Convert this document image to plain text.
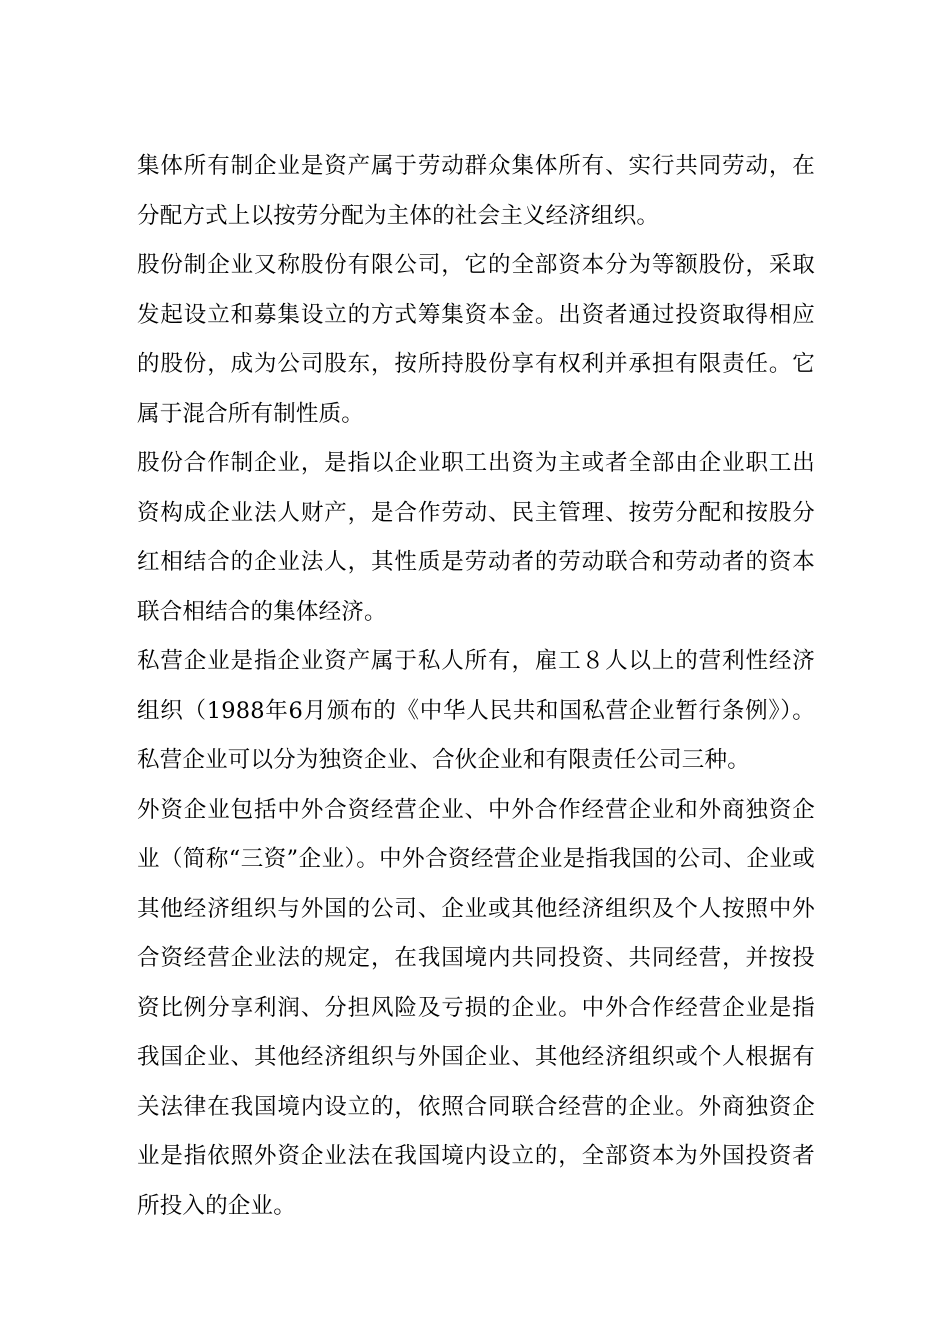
集体所有制企业是资产属于劳动群众集体所有、实行共同劳动，在分配方式上以按劳分配为主体的社会主义经济组织。

股份制企业又称股份有限公司，它的全部资本分为等额股份，采取发起设立和募集设立的方式筹集资本金。出资者通过投资取得相应的股份，成为公司股东，按所持股份享有权利并承担有限责任。它属于混合所有制性质。

股份合作制企业，是指以企业职工出资为主或者全部由企业职工出资构成企业法人财产，是合作劳动、民主管理、按劳分配和按股分红相结合的企业法人，其性质是劳动者的劳动联合和劳动者的资本联合相结合的集体经济。

私营企业是指企业资产属于私人所有，雇工８人以上的营利性经济组织（1988年6月颁布的《中华人民共和国私营企业暂行条例》）。私营企业可以分为独资企业、合伙企业和有限责任公司三种。

外资企业包括中外合资经营企业、中外合作经营企业和外商独资企业（简称“三资”企业）。中外合资经营企业是指我国的公司、企业或其他经济组织与外国的公司、企业或其他经济组织及个人按照中外合资经营企业法的规定，在我国境内共同投资、共同经营，并按投资比例分享利润、分担风险及亏损的企业。中外合作经营企业是指我国企业、其他经济组织与外国企业、其他经济组织或个人根据有关法律在我国境内设立的，依照合同联合经营的企业。外商独资企业是指依照外资企业法在我国境内设立的，全部资本为外国投资者所投入的企业。
